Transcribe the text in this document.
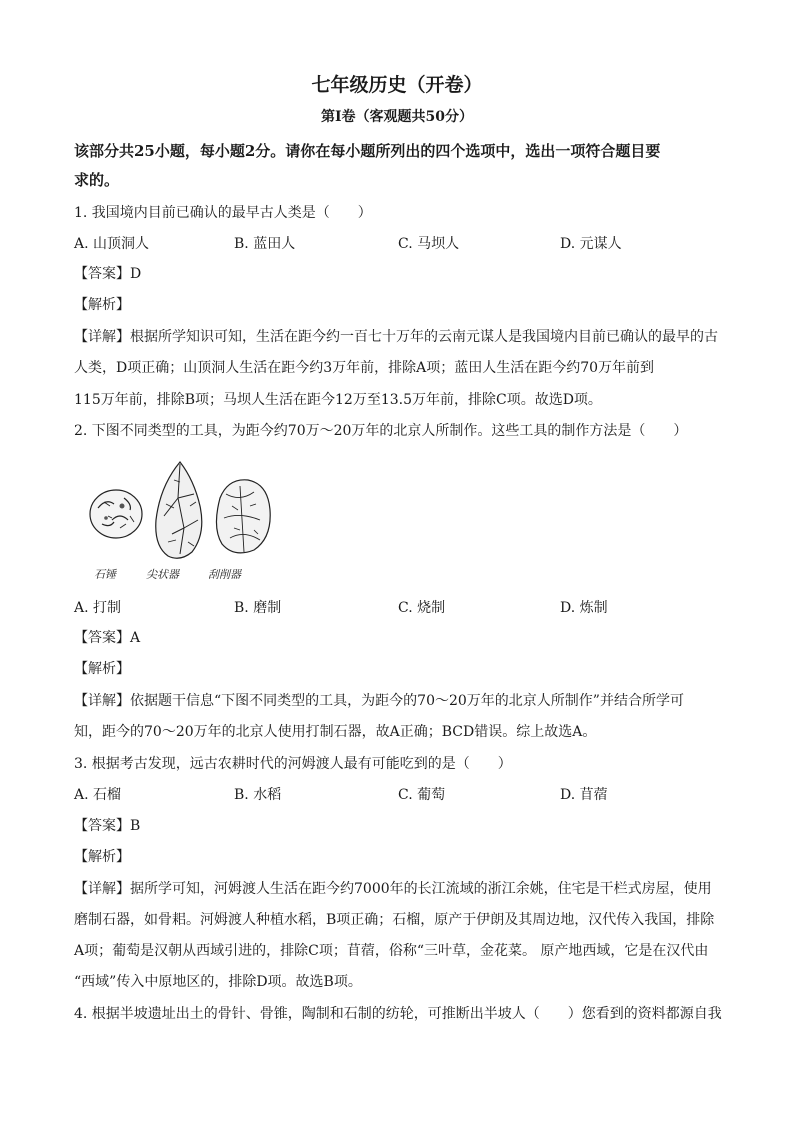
七年级历史（开卷）
第Ⅰ卷（客观题共50分）
该部分共25小题，每小题2分。请你在每小题所列出的四个选项中，选出一项符合题目要
求的。
1. 我国境内目前已确认的最早古人类是（　　）
A. 山顶洞人	B. 蓝田人	C. 马坝人	D. 元谋人
【答案】D
【解析】
【详解】根据所学知识可知，生活在距今约一百七十万年的云南元谋人是我国境内目前已确认的最早的古
人类，D项正确；山顶洞人生活在距今约3万年前，排除A项；蓝田人生活在距今约70万年前到
115万年前，排除B项；马坝人生活在距今12万至13.5万年前，排除C项。故选D项。
2. 下图不同类型的工具，为距今约70万～20万年的北京人所制作。这些工具的制作方法是（　　）
石锤	尖状器	刮削器
A. 打制	B. 磨制	C. 烧制	D. 炼制
【答案】A
【解析】
【详解】依据题干信息“下图不同类型的工具，为距今的70～20万年的北京人所制作”并结合所学可
知，距今的70～20万年的北京人使用打制石器，故A正确；BCD错误。综上故选A。
3. 根据考古发现，远古农耕时代的河姆渡人最有可能吃到的是（　　）
A. 石榴	B. 水稻	C. 葡萄	D. 苜蓿
【答案】B
【解析】
【详解】据所学可知，河姆渡人生活在距今约7000年的长江流域的浙江余姚，住宅是干栏式房屋，使用
磨制石器，如骨耜。河姆渡人种植水稻，B项正确；石榴，原产于伊朗及其周边地，汉代传入我国，排除
A项；葡萄是汉朝从西域引进的，排除C项；苜蓿，俗称“三叶草，金花菜。 原产地西域，它是在汉代由
“西域”传入中原地区的，排除D项。故选B项。
4. 根据半坡遗址出土的骨针、骨锥，陶制和石制的纺轮，可推断出半坡人（　　）您看到的资料都源自我
